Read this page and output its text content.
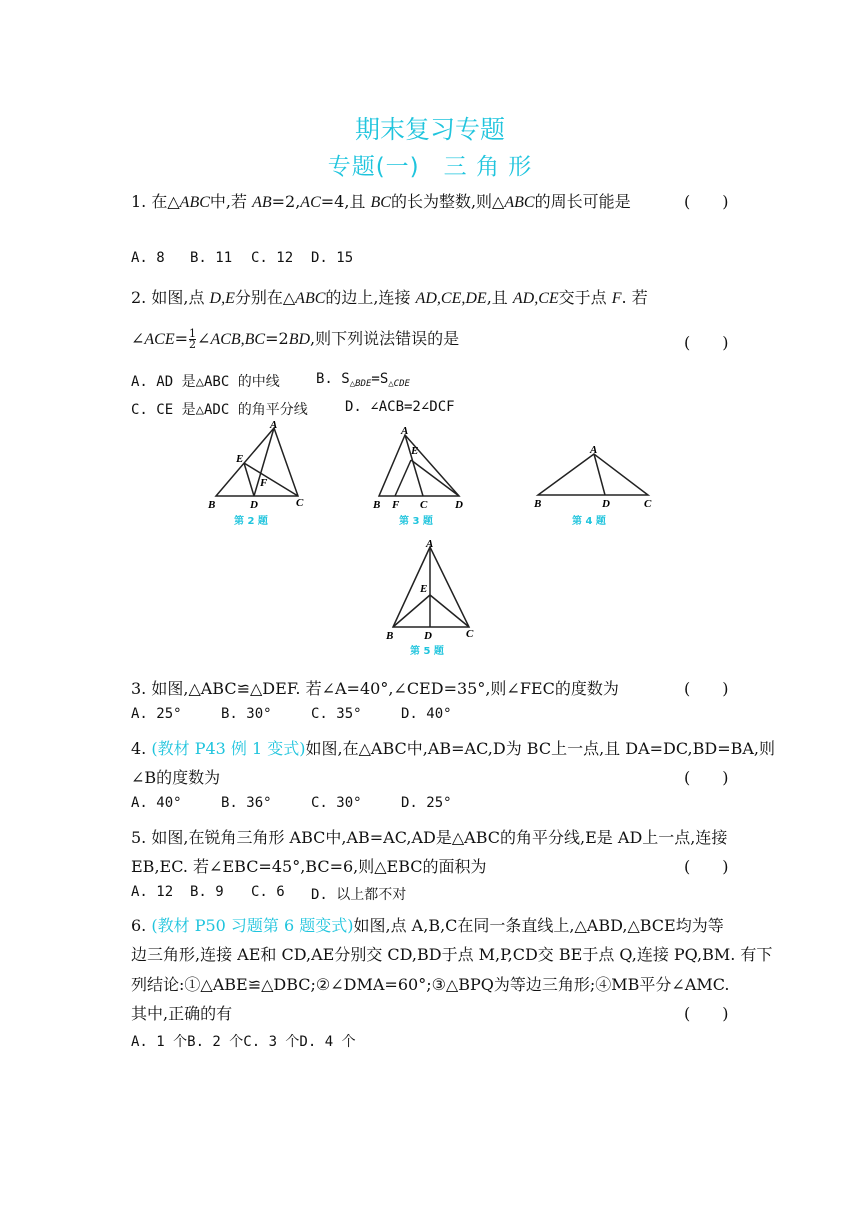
期末复习专题
专题(一)　三 角 形
1. 在△ABC中,若 AB=2,AC=4,且 BC的长为整数,则△ABC的周长可能是	(　　)
A. 8 B. 11 C. 12 D. 15
2. 如图,点 D,E分别在△ABC的边上,连接 AD,CE,DE,且 AD,CE交于点 F. 若
∠ACE= $\frac{1}{2}$ ∠ACB,BC=2BD,则下列说法错误的是	(　　)
A. AD 是△ABC 的中线	B. $S_{\triangle BDE}=S_{\triangle CDE}$
C. CE 是△ADC 的角平分线	D. ∠ACB=2∠DCF
A
E
F
B	D	C
第 2 题
A
E
B F C	D
第 3 题
A
B	D	C
第 4 题
A
E
B	D	C
第 5 题
3. 如图,△ABC≌△DEF. 若∠A=40°,∠CED=35°,则∠FEC的度数为	(　　)
A. 25°	B. 30°	C. 35°	D. 40°
4. (教材 P43 例 1 变式)如图,在△ABC中,AB=AC,D为 BC上一点,且 DA=DC,BD=BA,则
∠B的度数为	(　　)
A. 40°	B. 36°	C. 30°	D. 25°
5. 如图,在锐角三角形 ABC中,AB=AC,AD是△ABC的角平分线,E是 AD上一点,连接
EB,EC. 若∠EBC=45°,BC=6,则△EBC的面积为	(　　)
A. 12 B. 9 C. 6 D. 以上都不对
6. (教材 P50 习题第 6 题变式)如图,点 A,B,C在同一条直线上,△ABD,△BCE均为等
边三角形,连接 AE和 CD,AE分别交 CD,BD于点 M,P,CD交 BE于点 Q,连接 PQ,BM. 有下
列结论:①△ABE≌△DBC;②∠DMA=60°;③△BPQ为等边三角形;④MB平分∠AMC.
其中,正确的有	(　　)
A. 1 个B. 2 个C. 3 个D. 4 个
